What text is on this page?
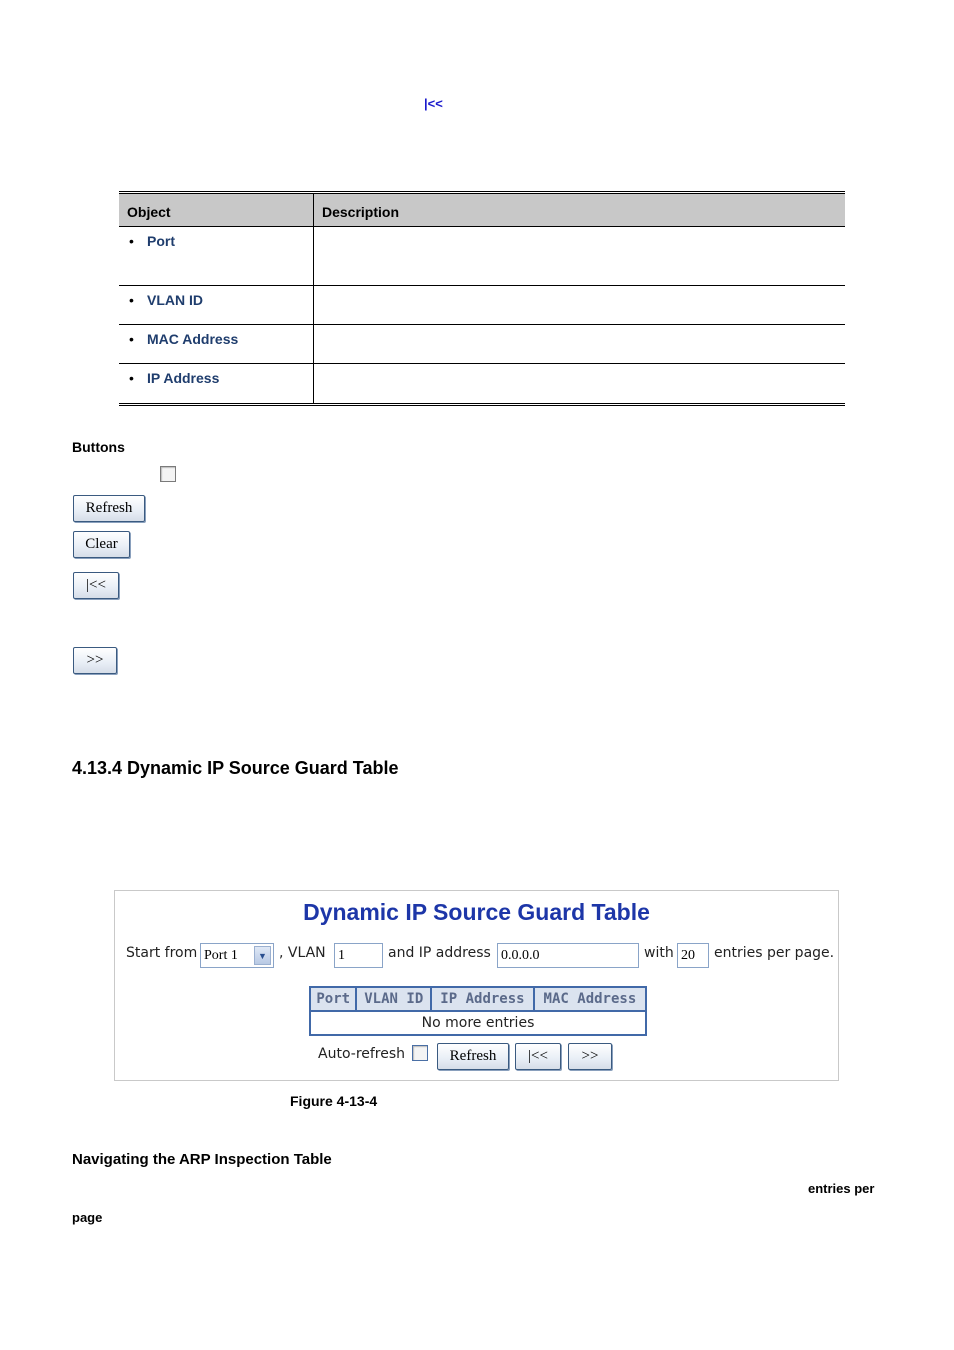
|<<
Object	Description
• Port	
• VLAN ID	
• MAC Address	
• IP Address	
Buttons
Refresh
Clear
|<<
>>
4.13.4 Dynamic IP Source Guard Table
Dynamic IP Source Guard Table
Start from Port 1	▼ , VLAN 1	and IP address 0.0.0.0	with 20	entries per page.
Port	VLAN ID	IP Address	MAC Address
No more entries
Auto-refresh	Refresh	|<<	>>
Figure 4-13-4
Navigating the ARP Inspection Table
entries per
page
